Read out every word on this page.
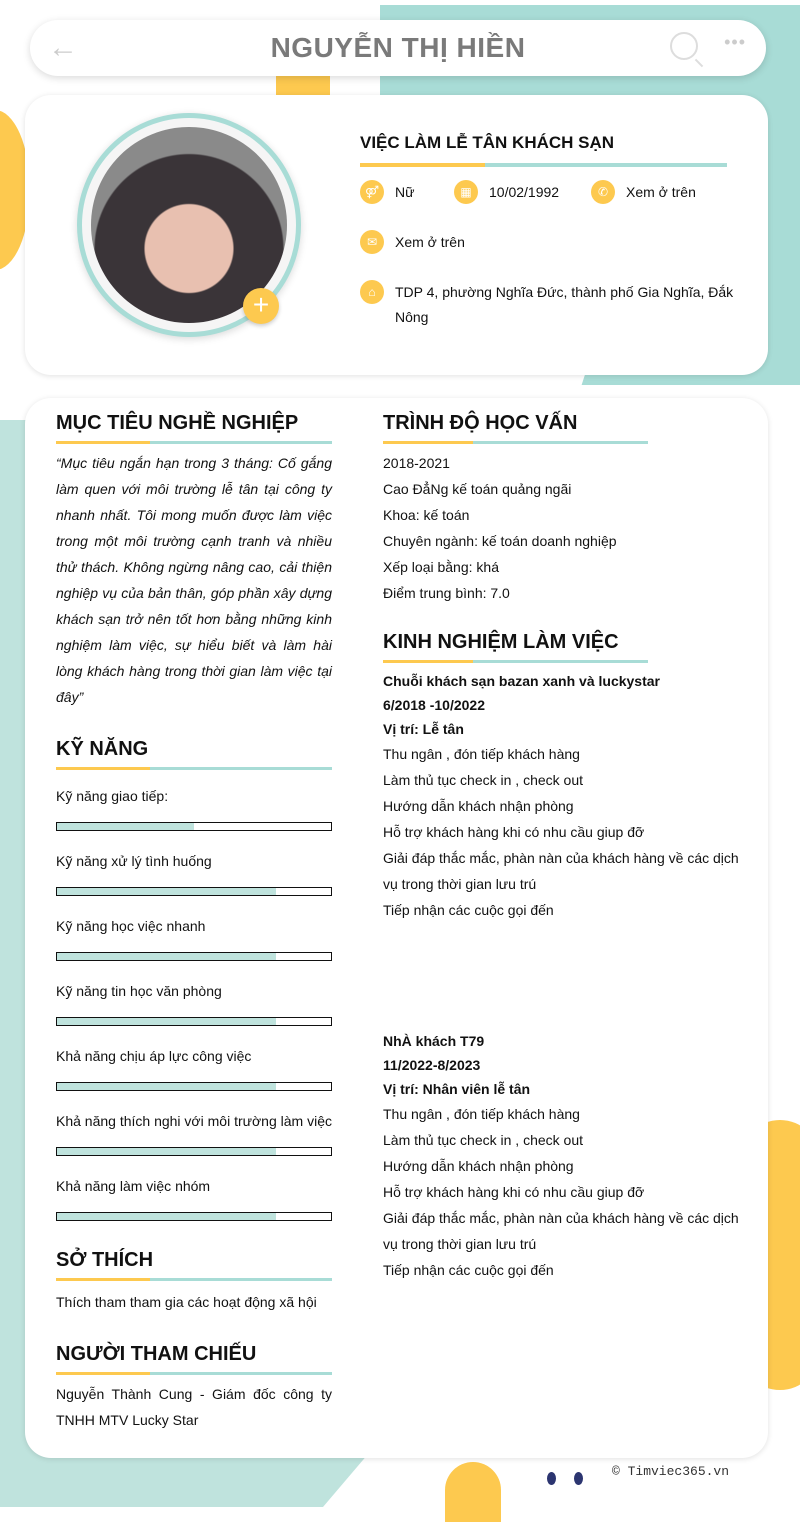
←	NGUYỄN THỊ HIỀN	•••
+
VIỆC LÀM LỄ TÂN KHÁCH SẠN
⚤	Nữ	▦	10/02/1992	✆	Xem ở trên
✉	Xem ở trên
⌂	TDP 4, phường Nghĩa Đức, thành phố Gia Nghĩa, Đắk Nông
MỤC TIÊU NGHỀ NGHIỆP

“Mục tiêu ngắn hạn trong 3 tháng: Cố gắng làm quen với môi trường lễ tân tại công ty nhanh nhất. Tôi mong muốn được làm việc trong một môi trường cạnh tranh và nhiều thử thách. Không ngừng nâng cao, cải thiện nghiệp vụ của bản thân, góp phần xây dựng khách sạn trở nên tốt hơn bằng những kinh nghiệm làm việc, sự hiểu biết và làm hài lòng khách hàng trong thời gian làm việc tại đây”

KỸ NĂNG
Kỹ năng giao tiếp:
Kỹ năng xử lý tình huống
Kỹ năng học việc nhanh
Kỹ năng tin học văn phòng
Khả năng chịu áp lực công việc
Khả năng thích nghi với môi trường làm việc
Khả năng làm việc nhóm
SỞ THÍCH

Thích tham tham gia các hoạt động xã hội

NGƯỜI THAM CHIẾU

Nguyễn Thành Cung - Giám đốc công ty TNHH MTV Lucky Star

TRÌNH ĐỘ HỌC VẤN
2018-2021
Cao ĐẳNg kế toán quảng ngãi
Khoa: kế toán
Chuyên ngành: kế toán doanh nghiệp
Xếp loại bằng: khá
Điểm trung bình: 7.0
KINH NGHIỆM LÀM VIỆC
Chuỗi khách sạn bazan xanh và luckystar
6/2018 -10/2022
Vị trí: Lễ tân
Thu ngân , đón tiếp khách hàng
Làm thủ tục check in , check out
Hướng dẫn khách nhận phòng
Hỗ trợ khách hàng khi có nhu cầu giup đỡ
Giải đáp thắc mắc, phàn nàn của khách hàng về các dịch vụ trong thời gian lưu trú
Tiếp nhận các cuộc gọi đến
NhÀ khách T79
11/2022-8/2023
Vị trí: Nhân viên lễ tân
Thu ngân , đón tiếp khách hàng
Làm thủ tục check in , check out
Hướng dẫn khách nhận phòng
Hỗ trợ khách hàng khi có nhu cầu giup đỡ
Giải đáp thắc mắc, phàn nàn của khách hàng về các dịch vụ trong thời gian lưu trú
Tiếp nhận các cuộc gọi đến
© Timviec365.vn
